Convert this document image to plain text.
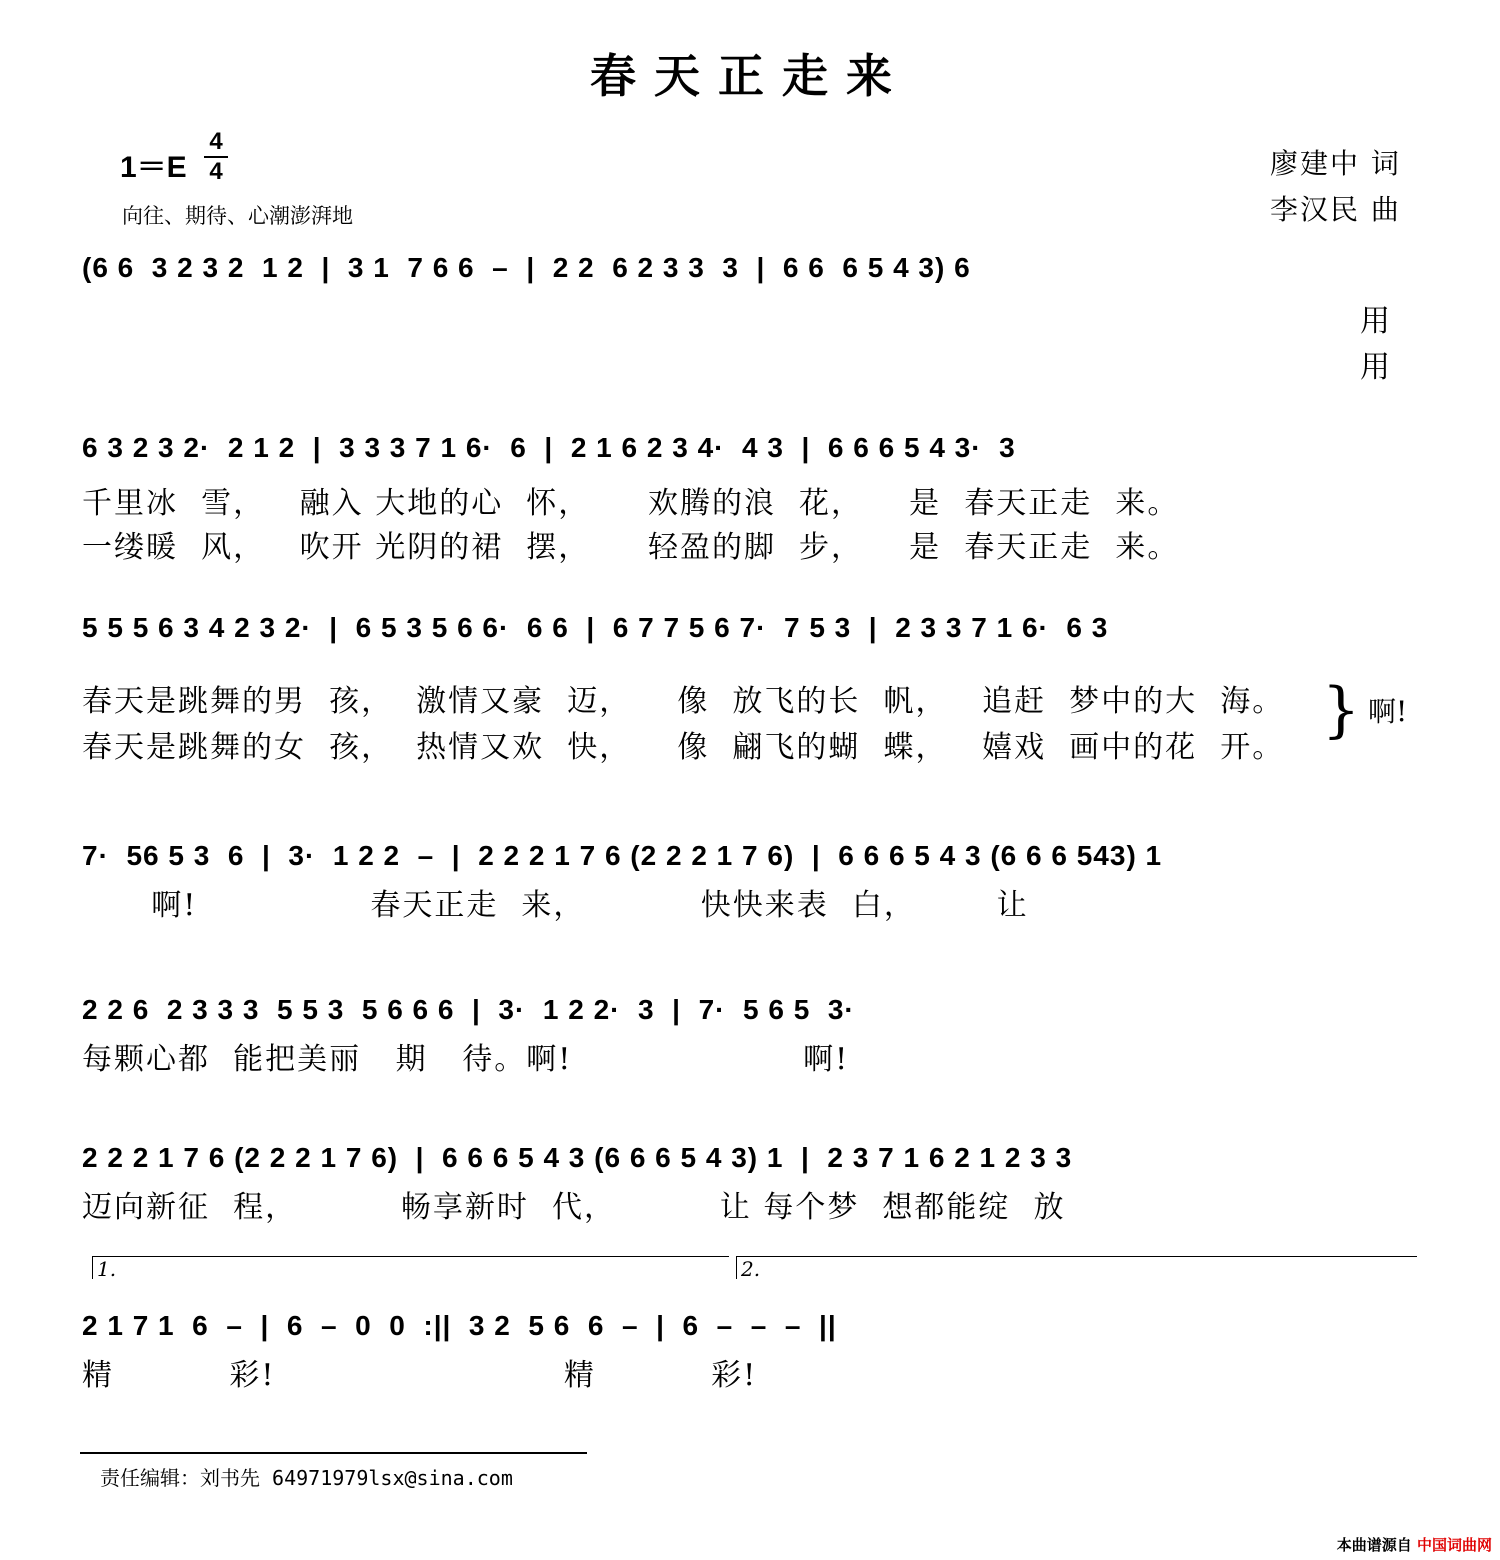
春天正走来
1＝E
4
4
向往、期待、心潮澎湃地
廖建中 词
李汉民 曲
(6 6  3 2 3 2  1 2  |  3 1  7 6 6  –  |  2 2  6 2 3 3  3  |  6 6  6 5 4 3) 6
用
用
6 3 2 3 2·  2 1 2  |  3 3 3 7 1 6·  6  |  2 1 6 2 3 4·  4 3  |  6 6 6 5 4 3·  3
千里冰  雪，   融入 大地的心  怀，     欢腾的浪  花，    是  春天正走  来。
一缕暖  风，   吹开 光阴的裙  摆，     轻盈的脚  步，    是  春天正走  来。
5 5 5 6 3 4 2 3 2·  |  6 5 3 5 6 6·  6 6  |  6 7 7 5 6 7·  7 5 3  |  2 3 3 7 1 6·  6 3
春天是跳舞的男  孩，  激情又豪  迈，    像  放飞的长  帆，   追赶  梦中的大  海。
春天是跳舞的女  孩，  热情又欢  快，    像  翩飞的蝴  蝶，   嬉戏  画中的花  开。
} 啊!
7·  56 5 3  6  |  3·  1 2 2  –  |  2 2 2 1 7 6 (2 2 2 1 7 6)  |  6 6 6 5 4 3 (6 6 6 543) 1
啊!               春天正走  来，          快快来表  白，       让
2 2 6  2 3 3 3  5 5 3  5 6 6 6  |  3·  1 2 2·  3  |  7·  5 6 5  3·
每颗心都  能把美丽   期   待。啊!                    啊!
2 2 2 1 7 6 (2 2 2 1 7 6)  |  6 6 6 5 4 3 (6 6 6 5 4 3) 1  |  2 3 7 1 6 2 1 2 3 3
迈向新征  程，         畅享新时  代，         让 每个梦  想都能绽  放
1.	2.
2 1 7 1  6  –  |  6  –  0  0  :||  3 2  5 6  6  –  |  6  –  –  –  ||
精          彩!                         精          彩!
责任编辑：刘书先 64971979lsx@sina.com
本曲谱源自 中国词曲网
